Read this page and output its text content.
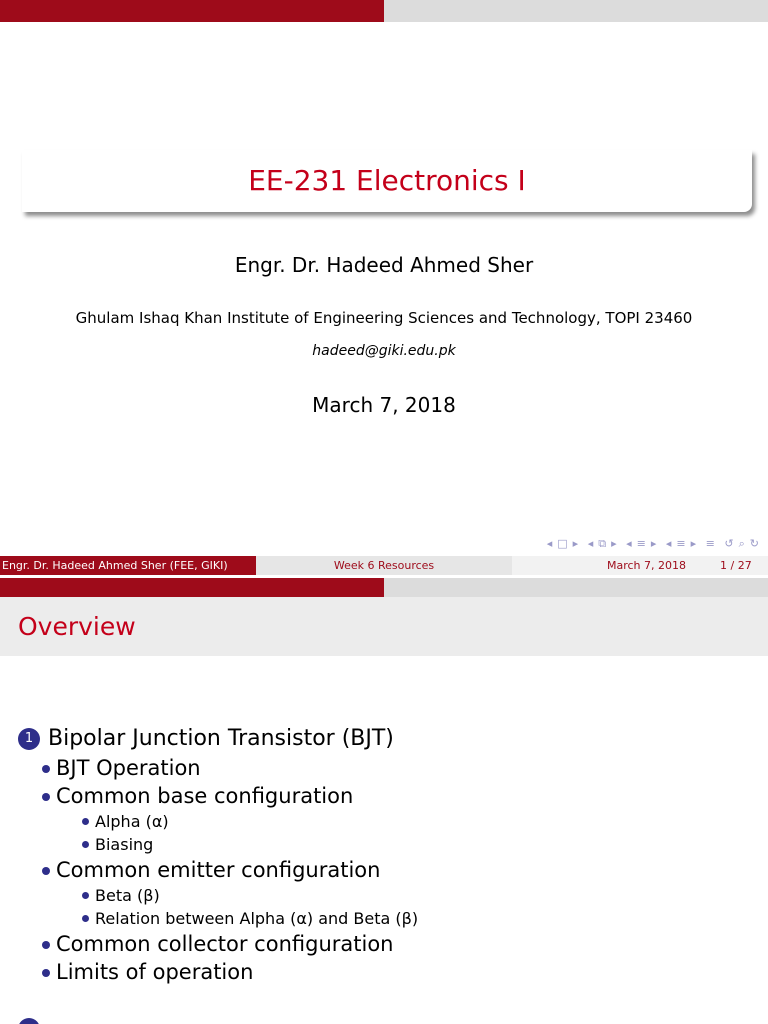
EE-231 Electronics I
Engr. Dr. Hadeed Ahmed Sher
Ghulam Ishaq Khan Institute of Engineering Sciences and Technology, TOPI 23460
hadeed@giki.edu.pk
March 7, 2018
◂ □ ▸ ◂ ⧉ ▸ ◂ ≡ ▸ ◂ ≡ ▸ ≡ ↺ ⌕ ↻
Engr. Dr. Hadeed Ahmed Sher (FEE, GIKI)	Week 6 Resources	March 7, 2018	1 / 27
Overview
1 Bipolar Junction Transistor (BJT)
BJT Operation
Common base configuration
Alpha (α)
Biasing
Common emitter configuration
Beta (β)
Relation between Alpha (α) and Beta (β)
Common collector configuration
Limits of operation
